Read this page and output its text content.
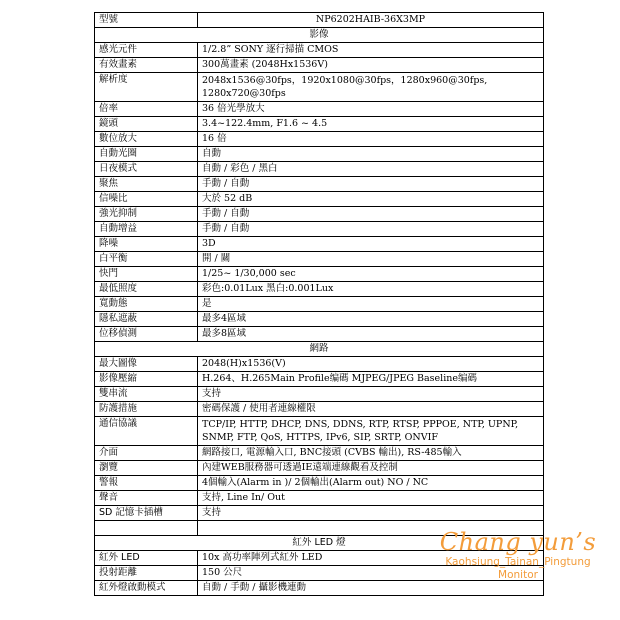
型號	NP6202HAIB-36X3MP
影像	
感光元件	1/2.8” SONY 逐行掃描 CMOS
有效畫素	300萬畫素 (2048Hx1536V)
解析度	2048x1536@30fps，1920x1080@30fps，1280x960@30fps, 1280x720@30fps
倍率	36 倍光學放大
鏡頭	3.4~122.4mm, F1.6 ~ 4.5
數位放大	16 倍
自動光圈	自動
日夜模式	自動 / 彩色 / 黑白
聚焦	手動 / 自動
信噪比	大於 52 dB
強光抑制	手動 / 自動
自動增益	手動 / 自動
降噪	3D
白平衡	開 / 關
快門	1/25~ 1/30,000 sec
最低照度	彩色:0.01Lux 黑白:0.001Lux
寬動態	是
隱私遮蔽	最多4區域
位移偵測	最多8區域
網路	
最大圖像	2048(H)x1536(V)
影像壓縮	H.264、H.265Main Profile编碼 MJPEG/JPEG Baseline编碼
雙串流	支持
防護措施	密碼保護 / 使用者連線權限
通信協議	TCP/IP, HTTP, DHCP, DNS, DDNS, RTP, RTSP, PPPOE, NTP, UPNP, SNMP, FTP, QoS, HTTPS, IPv6, SIP, SRTP, ONVIF
介面	網路接口, 電源輸入口, BNC接頭 (CVBS 輸出), RS-485輸入
瀏覽	內建WEB服務器可透過IE遠端連線觀看及控制
警報	4個輸入(Alarm in )/ 2個輸出(Alarm out) NO / NC
聲音	支持, Line In/ Out
SD 記憶卡插槽	支持

紅外 LED 燈	
紅外 LED	10x 高功率陣列式紅外 LED
投射距離	150 公尺
紅外燈啟動模式	自動 / 手動 / 攝影機連動
Chang yun’s
Kaohsiung_Tainan_Pingtung
Monitor
